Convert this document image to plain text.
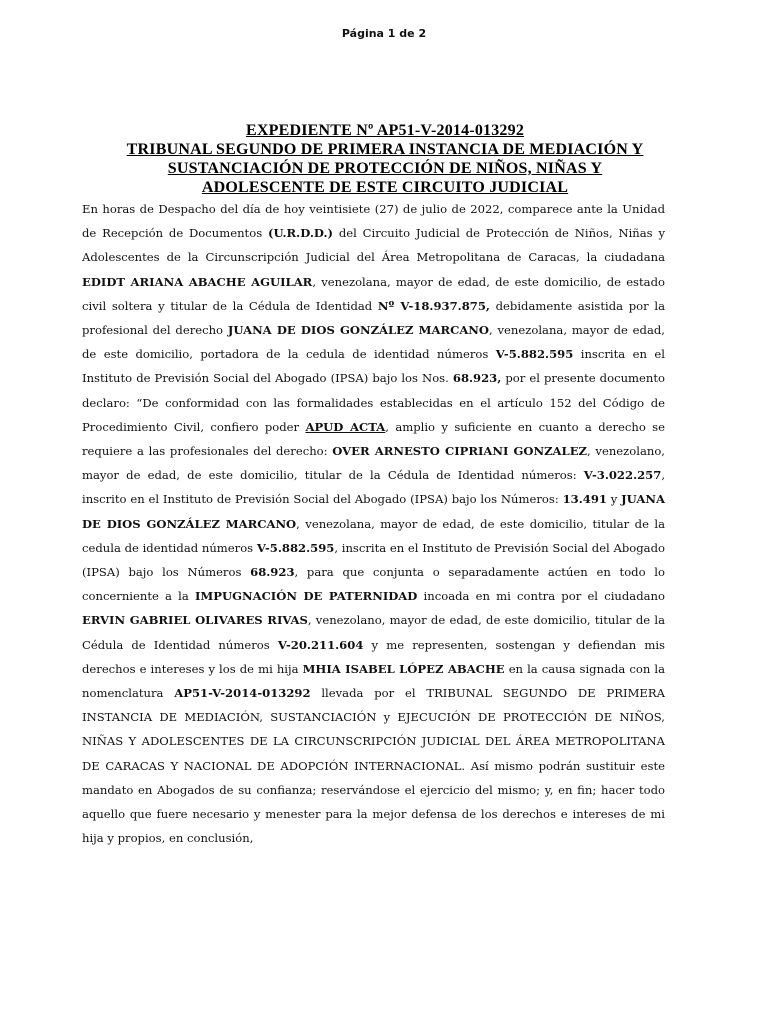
Página 1 de 2
EXPEDIENTE Nº AP51-V-2014-013292
TRIBUNAL SEGUNDO DE PRIMERA INSTANCIA DE MEDIACIÓN Y
SUSTANCIACIÓN DE PROTECCIÓN DE NIÑOS, NIÑAS Y
ADOLESCENTE DE ESTE CIRCUITO JUDICIAL
En horas de Despacho del día de hoy veintisiete (27) de julio de 2022, comparece ante la Unidad de Recepción de Documentos (U.R.D.D.) del Circuito Judicial de Protección de Niños, Niñas y Adolescentes de la Circunscripción Judicial del Área Metropolitana de Caracas, la ciudadana EDIDT ARIANA ABACHE AGUILAR, venezolana, mayor de edad, de este domicilio, de estado civil soltera y titular de la Cédula de Identidad Nº V-18.937.875, debidamente asistida por la profesional del derecho JUANA DE DIOS GONZÁLEZ MARCANO, venezolana, mayor de edad, de este domicilio, portadora de la cedula de identidad números V-5.882.595 inscrita en el Instituto de Previsión Social del Abogado (IPSA) bajo los Nos. 68.923, por el presente documento declaro: “De conformidad con las formalidades establecidas en el artículo 152 del Código de Procedimiento Civil, confiero poder APUD ACTA, amplio y suficiente en cuanto a derecho se requiere a las profesionales del derecho: OVER ARNESTO CIPRIANI GONZALEZ, venezolano, mayor de edad, de este domicilio, titular de la Cédula de Identidad números: V-3.022.257, inscrito en el Instituto de Previsión Social del Abogado (IPSA) bajo los Números: 13.491 y JUANA DE DIOS GONZÁLEZ MARCANO, venezolana, mayor de edad, de este domicilio, titular de la cedula de identidad números V-5.882.595, inscrita en el Instituto de Previsión Social del Abogado (IPSA) bajo los Números 68.923, para que conjunta o separadamente actúen en todo lo concerniente a la IMPUGNACIÓN DE PATERNIDAD incoada en mi contra por el ciudadano ERVIN GABRIEL OLIVARES RIVAS, venezolano, mayor de edad, de este domicilio, titular de la Cédula de Identidad números V-20.211.604 y me representen, sostengan y defiendan mis derechos e intereses y los de mi hija MHIA ISABEL LÓPEZ ABACHE en la causa signada con la nomenclatura AP51-V-2014-013292 llevada por el TRIBUNAL SEGUNDO DE PRIMERA INSTANCIA DE MEDIACIÓN, SUSTANCIACIÓN y EJECUCIÓN DE PROTECCIÓN DE NIÑOS, NIÑAS Y ADOLESCENTES DE LA CIRCUNSCRIPCIÓN JUDICIAL DEL ÁREA METROPOLITANA DE CARACAS Y NACIONAL DE ADOPCIÓN INTERNACIONAL. Así mismo podrán sustituir este mandato en Abogados de su confianza; reservándose el ejercicio del mismo; y, en fin; hacer todo aquello que fuere necesario y menester para la mejor defensa de los derechos e intereses de mi hija y propios, en conclusión,
